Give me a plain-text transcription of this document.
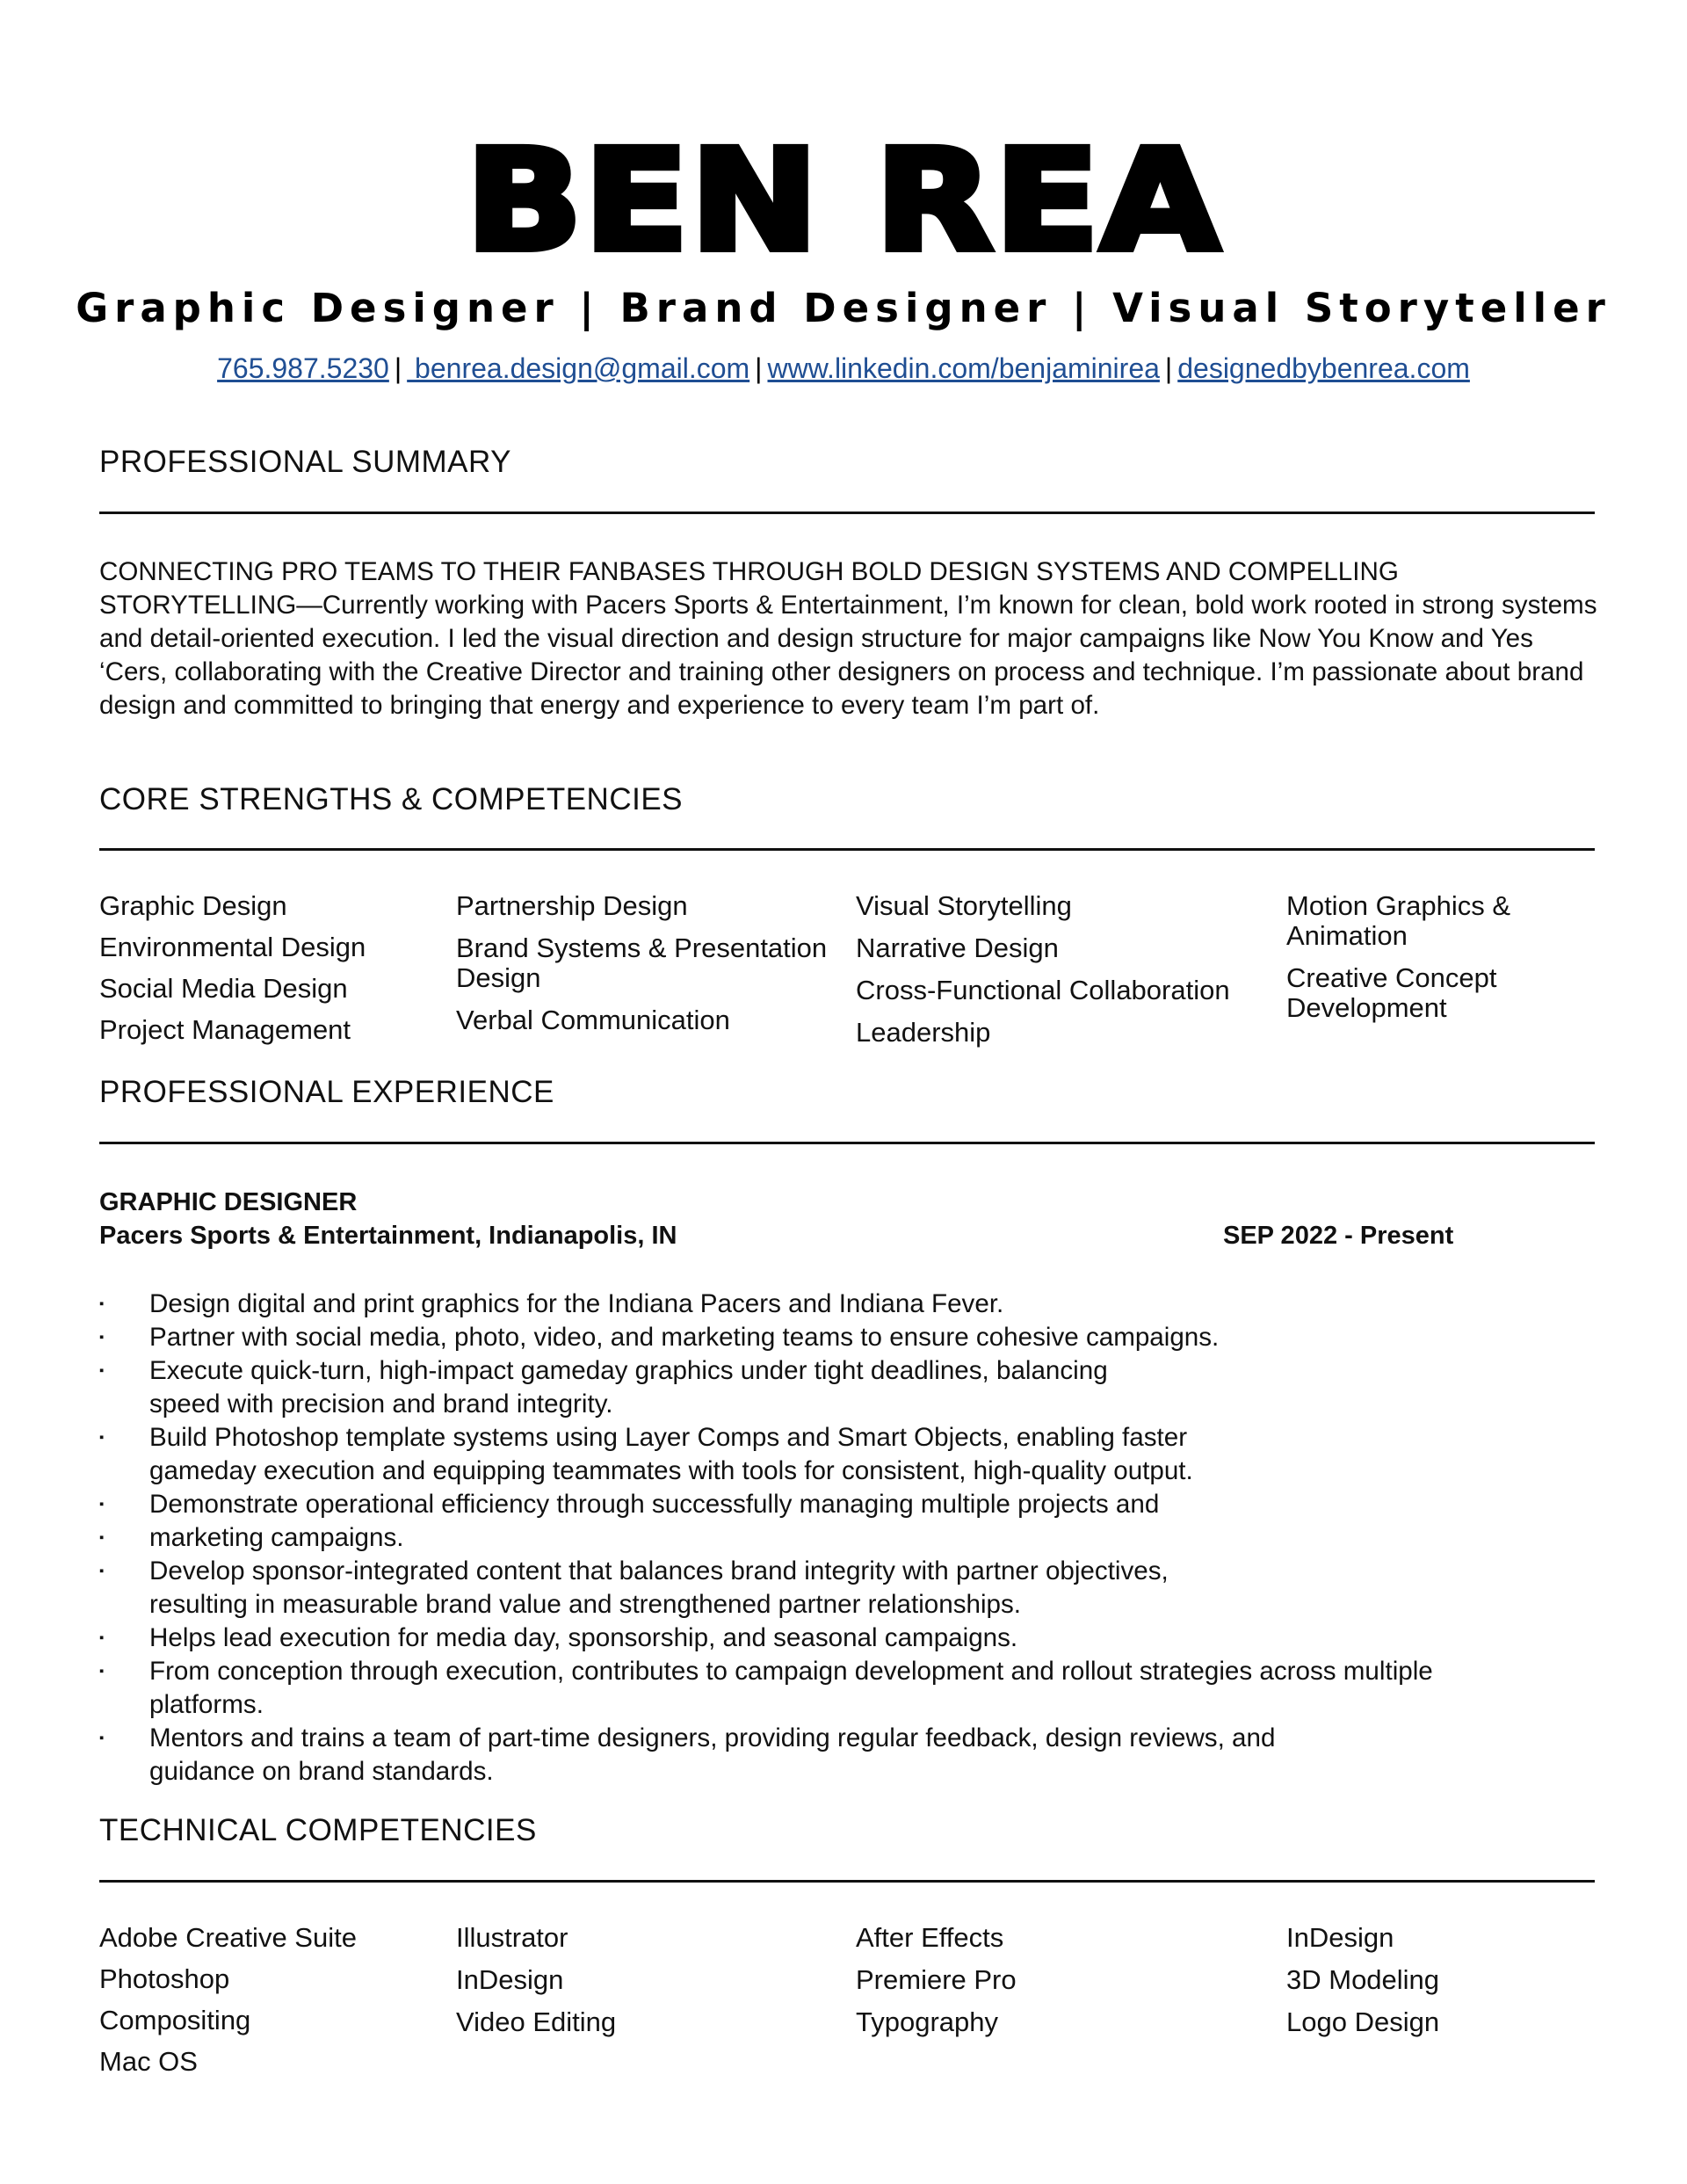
BEN REA
Graphic Designer | Brand Designer | Visual Storyteller
765.987.5230 | benrea.design@gmail.com | www.linkedin.com/benjaminirea | designedbybenrea.com
PROFESSIONAL SUMMARY
CONNECTING PRO TEAMS TO THEIR FANBASES THROUGH BOLD DESIGN SYSTEMS AND COMPELLING STORYTELLING—Currently working with Pacers Sports & Entertainment, I’m known for clean, bold work rooted in strong systems and detail-oriented execution. I led the visual direction and design structure for major campaigns like Now You Know and Yes ‘Cers, collaborating with the Creative Director and training other designers on process and technique. I’m passionate about brand design and committed to bringing that energy and experience to every team I’m part of.
CORE STRENGTHS & COMPETENCIES
Graphic Design
Environmental Design
Social Media Design
Project Management
Partnership Design
Brand Systems & Presentation Design
Verbal Communication
Visual Storytelling
Narrative Design
Cross-Functional Collaboration
Leadership
Motion Graphics & Animation
Creative Concept Development
PROFESSIONAL EXPERIENCE
GRAPHIC DESIGNER
Pacers Sports & Entertainment, Indianapolis, IN	SEP 2022 - Present
▪ Design digital and print graphics for the Indiana Pacers and Indiana Fever.
▪ Partner with social media, photo, video, and marketing teams to ensure cohesive campaigns.
▪ Execute quick-turn, high-impact gameday graphics under tight deadlines, balancing speed with precision and brand integrity.
▪ Build Photoshop template systems using Layer Comps and Smart Objects, enabling faster gameday execution and equipping teammates with tools for consistent, high-quality output.
▪ Demonstrate operational efficiency through successfully managing multiple projects and
▪ marketing campaigns.
▪ Develop sponsor-integrated content that balances brand integrity with partner objectives, resulting in measurable brand value and strengthened partner relationships.
▪ Helps lead execution for media day, sponsorship, and seasonal campaigns.
▪ From conception through execution, contributes to campaign development and rollout strategies across multiple platforms.
▪ Mentors and trains a team of part-time designers, providing regular feedback, design reviews, and guidance on brand standards.
TECHNICAL COMPETENCIES
Adobe Creative Suite
Photoshop
Compositing
Mac OS
Illustrator
InDesign
Video Editing
After Effects
Premiere Pro
Typography
InDesign
3D Modeling
Logo Design
